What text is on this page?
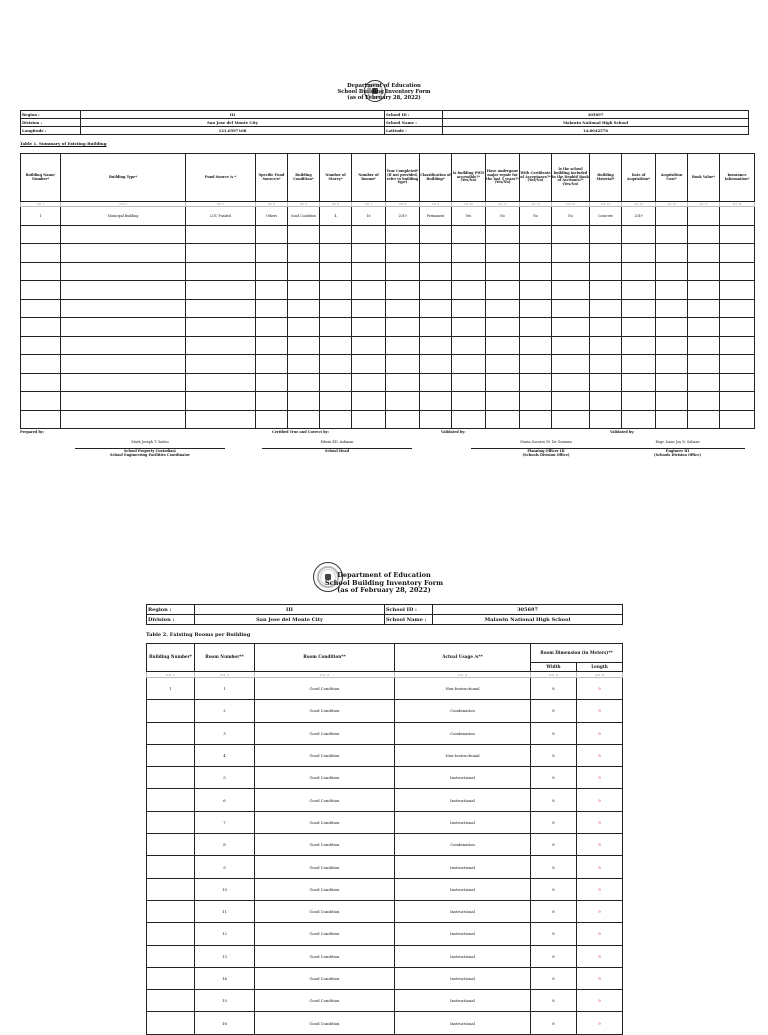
Department of Education
School Building Inventory Form
(as of February 28, 2022)
Region :	III	School ID :	305697
Division :	San Jose del Monte City	School Name :	Malawin National High School
Longitude :	121.0597108	Latitude :	14.8042576
Table 1. Summary of Existing Building
Building Name/ Number*	Building Type*	Fund Source /s *	Specific Fund Source/s*	Building Condition*	Number of Storey*	Number of Rooms*	Year Completed* (if not provided, refer to building type)	Classification of Building*	Is building PWD accessible?* (Yes/No)	Have undergone major repair for the last 5 years?* (Yes/No)	With Certificate of Acceptance?* (Yes/No)	Is the school building included in the Depbid Book of Accounts?* (Yes/No)	Building Material*	Date of Acquisition*	Acquisition Cost*	Book Value*	Insurance Information*
Col. 1	Col. 2	Col. 3	Col. 4	Col. 5	Col. 6	Col. 7	Col. 8	Col. 9	Col. 10	Col. 11	Col. 12	Col. 13	Col. 14	Col. 15	Col. 16	Col. 17	Col. 18
1	Municipal Building	LGU Funded	Others	Good Condition	4	16	2019	Permanent	Yes	No	No	No	Concrete	2019			

Prepared by:
Mark Joseph T. Sadeo
School Property Custodian/
School Engineering Facilities Coordinator
Certified True and Correct by:
Edwin ED. Ashman
School Head
Validated by:
Maria Socorro M. De Guzman
Planning Officer III
(Schools Division Office)
Validated by:
Engr. Isaac Joy D. Salinas
Engineer III
(Schools Division Office)
Department of Education
School Building Inventory Form
(as of February 28, 2022)
Region :	III	School ID :	305697
Division :	San Jose del Monte City	School Name :	Malawin National High School
Table 2. Existing Rooms per Building
Building Number*	Room Number**	Room Condition**	Actual Usage /s**	Room Dimension (in Meters)**	
				Width	Length
Col. 1	Col. 2	Col. 3	Col. 4	Col. 5	Col. 6
1	1	Good Condition	Non-Instructional	8	9
	2	Good Condition	Combination	8	9
	3	Good Condition	Combination	8	9
	4	Good Condition	Non-Instructional	8	9
	5	Good Condition	Instructional	8	9
	6	Good Condition	Instructional	8	9
	7	Good Condition	Instructional	8	9
	8	Good Condition	Combination	8	9
	9	Good Condition	Instructional	8	9
	10	Good Condition	Instructional	8	9
	11	Good Condition	Instructional	8	9
	12	Good Condition	Instructional	8	9
	13	Good Condition	Instructional	8	9
	14	Good Condition	Instructional	8	9
	15	Good Condition	Instructional	8	9
	16	Good Condition	Instructional	8	9
